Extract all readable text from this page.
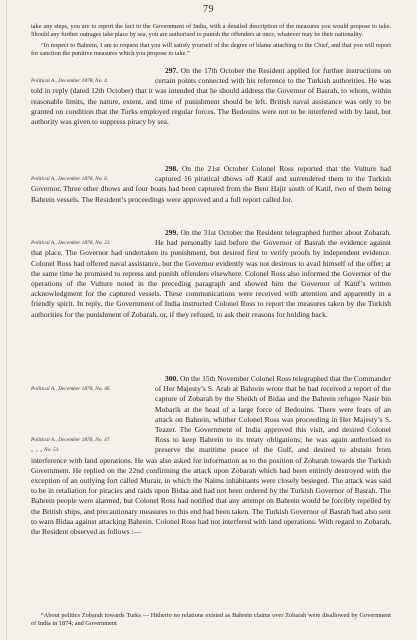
79

take any steps, you are to report the fact to the Government of India, with a detailed description of the measures you would propose to take. Should any further outrages take place by sea, you are authorised to punish the offenders at once, whatever may be their nationality.

“In respect to Bahrein, I am to request that you will satisfy yourself of the degree of blame attaching to the Chief, and that you will report for sanction the punitive measures which you propose to take.”

Political A., December 1878, No. 4.

297. On the 17th October the Resident applied for further instructions on certain points connected with his reference to the Turkish authorities. He was told in reply (dated 12th October) that it was intended that he should address the Governor of Basrah, to whom, within reasonable limits, the nature, extent, and time of punishment should be left. British naval assistance was only to be granted on condition that the Turks employed regular forces. The Bedouins were not to be interfered with by land, but authority was given to suppress piracy by sea.

Political A., December 1878, No. 6.

298. On the 21st October Colonel Ross reported that the Vulture had captured 16 piratical dhows off Katif and surrendered them to the Turkish Governor. Three other dhows and four boats had been captured from the Beni Hajir south of Katif, two of them being Bahrein vessels. The Resident’s proceedings were approved and a full report called for.

Political A., December 1878, No. 23.

299. On the 31st October the Resident telegraphed further about Zobarah. He had personally laid before the Governor of Basrah the evidence against that place. The Governor had undertaken its punishment, but desired first to verify proofs by independent evidence. Colonel Ross had offered naval assistance, but the Governor evidently was not desirous to avail himself of the offer; at the same time he promised to repress and punish offenders elsewhere. Colonel Ross also informed the Governor of the operations of the Vulture noted in the preceding paragraph and showed him the Governor of Katif’s written acknowledgment for the captured vessels. These communications were received with attention and apparently in a friendly spirit. In reply, the Government of India instructed Colonel Ross to report the measures taken by the Turkish authorities for the punishment of Zobarah, or, if they refused, to ask their reasons for holding back.

Political A., December 1878, No. 46.
Political A., December 1878, No. 47.
„ „ „ No. 51.

300. On the 15th November Colonel Ross telegraphed that the Commander of Her Majesty’s S. Arab at Bahrein wrote that he had received a report of the capture of Zobarah by the Sheikh of Bidaa and the Bahrein refugee Nasir bin Mobarik at the head of a large force of Bedouins. There were fears of an attack on Bahrein, whither Colonel Ross was proceeding in Her Majesty’s S. Teazer. The Government of India approved this visit, and desired Colonel Ross to keep Bahrein to its treaty obligations; he was again authorised to preserve the maritime peace of the Gulf, and desired to abstain from interference with land operations. He was also asked for information as to the position of Zobarah towards the Turkish Government. He replied on the 22nd confirming the attack upon Zobarah which had been entirely destroyed with the exception of an outlying fort called Murair, in which the Naims inhabitants were closely besieged. The attack was said to be in retaliation for piracies and raids upon Bidaa and had not been ordered by the Turkish Governor of Basrah. The Bahrein people were alarmed, but Colonel Ross had notified that any attempt on Bahrein would be forcibly repelled by the British ships, and precautionary measures to this end had been taken. The Turkish Governor of Basrah had also sent to warn Bidaa against attacking Bahrein. Colonel Ross had not interfered with land operations. With regard to Zobarah, the Resident observed as follows :—

“About politics Zobarah towards Turks — Hitherto no relations existed as Bahrein claims over Zobarah were disallowed by Government of India in 1874; and Government
